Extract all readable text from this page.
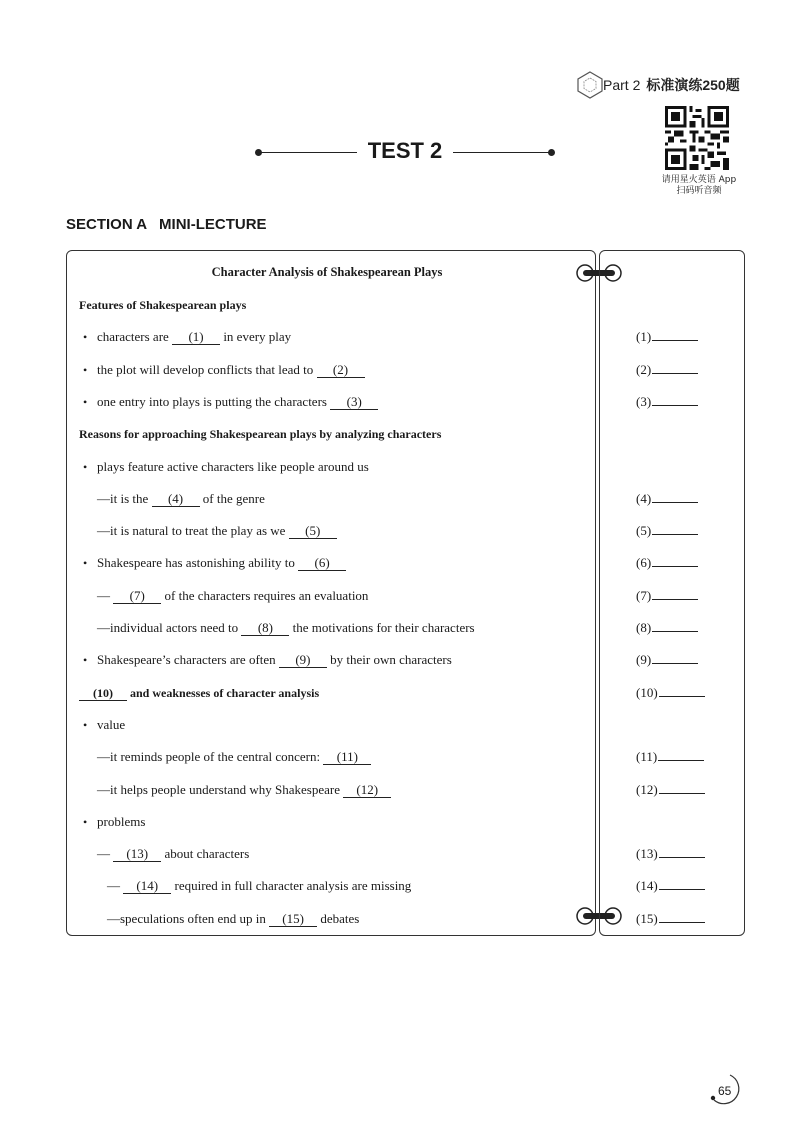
Part 2 标准演练250题
请用星火英语 App
扫码听音频
TEST 2
SECTION A   MINI-LECTURE
Character Analysis of Shakespearean Plays
Features of Shakespearean plays
• characters are (1) in every play
• the plot will develop conflicts that lead to (2)
• one entry into plays is putting the characters (3)
Reasons for approaching Shakespearean plays by analyzing characters
• plays feature active characters like people around us
—it is the (4) of the genre
—it is natural to treat the play as we (5)
• Shakespeare has astonishing ability to (6)
— (7) of the characters requires an evaluation
—individual actors need to (8) the motivations for their characters
• Shakespeare’s characters are often (9) by their own characters
(10) and weaknesses of character analysis
• value
—it reminds people of the central concern: (11)
—it helps people understand why Shakespeare (12)
• problems
— (13) about characters
— (14) required in full character analysis are missing
—speculations often end up in (15) debates
(1)
(2)
(3)
(4)
(5)
(6)
(7)
(8)
(9)
(10)
(11)
(12)
(13)
(14)
(15)
65
